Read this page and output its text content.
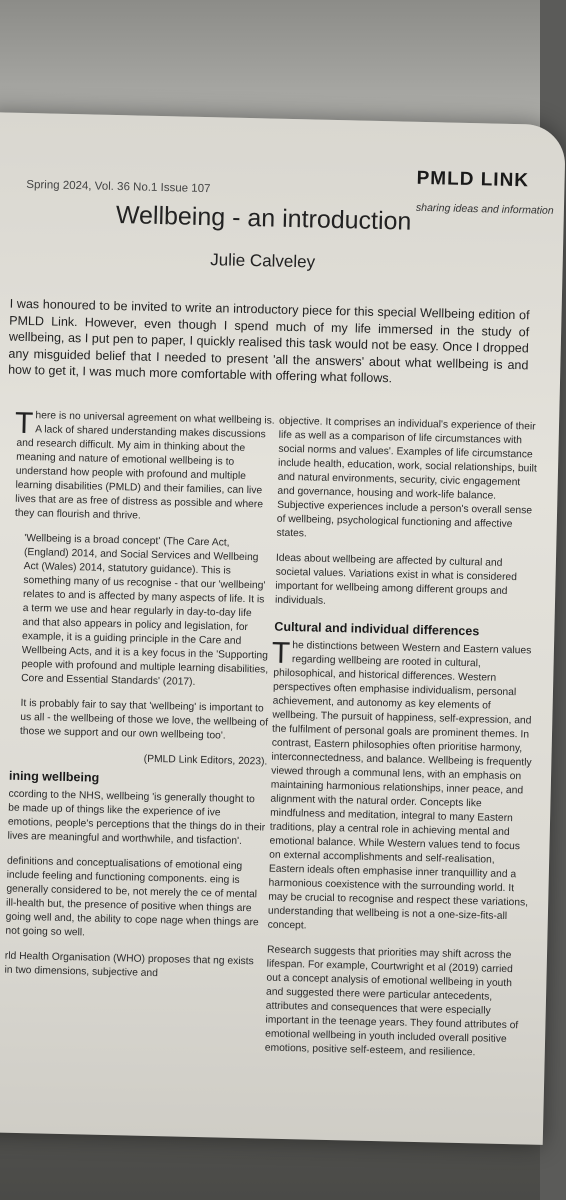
Spring 2024, Vol. 36 No.1 Issue 107	PMLD LINK
sharing ideas and information
Wellbeing - an introduction
Julie Calveley
I was honoured to be invited to write an introductory piece for this special Wellbeing edition of PMLD Link. However, even though I spend much of my life immersed in the study of wellbeing, as I put pen to paper, I quickly realised this task would not be easy. Once I dropped any misguided belief that I needed to present 'all the answers' about what wellbeing is and how to get it, I was much more comfortable with offering what follows.

T here is no universal agreement on what wellbeing is. A lack of shared understanding makes discussions and research difficult. My aim in thinking about the meaning and nature of emotional wellbeing is to understand how people with profound and multiple learning disabilities (PMLD) and their families, can live lives that are as free of distress as possible and where they can flourish and thrive.

'Wellbeing is a broad concept' (The Care Act, (England) 2014, and Social Services and Wellbeing Act (Wales) 2014, statutory guidance). This is something many of us recognise - that our 'wellbeing' relates to and is affected by many aspects of life. It is a term we use and hear regularly in day-to-day life and that also appears in policy and legislation, for example, it is a guiding principle in the Care and Wellbeing Acts, and it is a key focus in the 'Supporting people with profound and multiple learning disabilities, Core and Essential Standards' (2017).

It is probably fair to say that 'wellbeing' is important to us all - the wellbeing of those we love, the wellbeing of those we support and our own wellbeing too'.

(PMLD Link Editors, 2023).

ining wellbeing

ccording to the NHS, wellbeing 'is generally thought to be made up of things like the experience of ive emotions, people's perceptions that the things do in their lives are meaningful and worthwhile, and tisfaction'.

definitions and conceptualisations of emotional eing include feeling and functioning components. eing is generally considered to be, not merely the ce of mental ill-health but, the presence of positive when things are going well and, the ability to cope nage when things are not going so well.

rld Health Organisation (WHO) proposes that ng exists in two dimensions, subjective and

objective. It comprises an individual's experience of their life as well as a comparison of life circumstances with social norms and values'. Examples of life circumstance include health, education, work, social relationships, built and natural environments, security, civic engagement and governance, housing and work-life balance. Subjective experiences include a person's overall sense of wellbeing, psychological functioning and affective states.

Ideas about wellbeing are affected by cultural and societal values. Variations exist in what is considered important for wellbeing among different groups and individuals.

Cultural and individual differences

T he distinctions between Western and Eastern values regarding wellbeing are rooted in cultural, philosophical, and historical differences. Western perspectives often emphasise individualism, personal achievement, and autonomy as key elements of wellbeing. The pursuit of happiness, self-expression, and the fulfilment of personal goals are prominent themes. In contrast, Eastern philosophies often prioritise harmony, interconnectedness, and balance. Wellbeing is frequently viewed through a communal lens, with an emphasis on maintaining harmonious relationships, inner peace, and alignment with the natural order. Concepts like mindfulness and meditation, integral to many Eastern traditions, play a central role in achieving mental and emotional balance. While Western values tend to focus on external accomplishments and self-realisation, Eastern ideals often emphasise inner tranquillity and a harmonious coexistence with the surrounding world. It may be crucial to recognise and respect these variations, understanding that wellbeing is not a one-size-fits-all concept.

Research suggests that priorities may shift across the lifespan. For example, Courtwright et al (2019) carried out a concept analysis of emotional wellbeing in youth and suggested there were particular antecedents, attributes and consequences that were especially important in the teenage years. They found attributes of emotional wellbeing in youth included overall positive emotions, positive self-esteem, and resilience.
